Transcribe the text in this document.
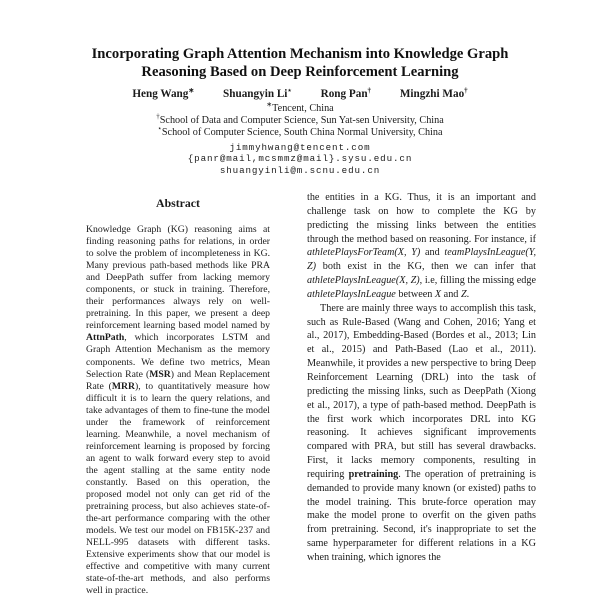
Incorporating Graph Attention Mechanism into Knowledge Graph
Reasoning Based on Deep Reinforcement Learning
Heng Wang∗	Shuangyin Li⋆	Rong Pan†	Mingzhi Mao†
∗Tencent, China
†School of Data and Computer Science, Sun Yat-sen University, China
⋆School of Computer Science, South China Normal University, China
jimmyhwang@tencent.com
{panr@mail,mcsmmz@mail}.sysu.edu.cn
shuangyinli@m.scnu.edu.cn
Abstract

Knowledge Graph (KG) reasoning aims at finding reasoning paths for relations, in order to solve the problem of incompleteness in KG. Many previous path-based methods like PRA and DeepPath suffer from lacking memory components, or stuck in training. Therefore, their performances always rely on well-pretraining. In this paper, we present a deep reinforcement learning based model named by AttnPath, which incorporates LSTM and Graph Attention Mechanism as the memory components. We define two metrics, Mean Selection Rate (MSR) and Mean Replacement Rate (MRR), to quantitatively measure how difficult it is to learn the query relations, and take advantages of them to fine-tune the model under the framework of reinforcement learning. Meanwhile, a novel mechanism of reinforcement learning is proposed by forcing an agent to walk forward every step to avoid the agent stalling at the same entity node constantly. Based on this operation, the proposed model not only can get rid of the pretraining process, but also achieves state-of-the-art performance comparing with the other models. We test our model on FB15K-237 and NELL-995 datasets with different tasks. Extensive experiments show that our model is effective and competitive with many current state-of-the-art methods, and also performs well in practice.

the entities in a KG. Thus, it is an important and challenge task on how to complete the KG by predicting the missing links between the entities through the method based on reasoning. For instance, if athletePlaysForTeam(X, Y) and teamPlaysInLeague(Y, Z) both exist in the KG, then we can infer that athletePlaysInLeague(X, Z), i.e, filling the missing edge athletePlaysInLeague between X and Z.

There are mainly three ways to accomplish this task, such as Rule-Based (Wang and Cohen, 2016; Yang et al., 2017), Embedding-Based (Bordes et al., 2013; Lin et al., 2015) and Path-Based (Lao et al., 2011). Meanwhile, it provides a new perspective to bring Deep Reinforcement Learning (DRL) into the task of predicting the missing links, such as DeepPath (Xiong et al., 2017), a type of path-based method. DeepPath is the first work which incorporates DRL into KG reasoning. It achieves significant improvements compared with PRA, but still has several drawbacks. First, it lacks memory components, resulting in requiring pretraining. The operation of pretraining is demanded to provide many known (or existed) paths to the model training. This brute-force operation may make the model prone to overfit on the given paths from pretraining. Second, it's inappropriate to set the same hyperparameter for different relations in a KG when training, which ignores the
